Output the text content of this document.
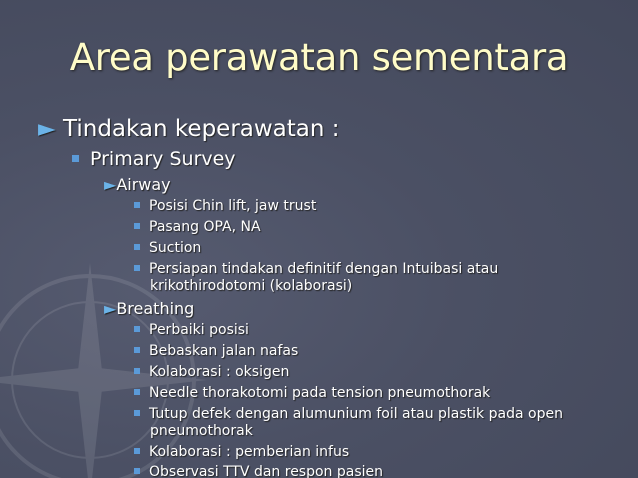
Area perawatan sementara
► Tindakan keperawatan :
Primary Survey
►Airway
Posisi Chin lift, jaw trust
Pasang OPA, NA
Suction
Persiapan tindakan definitif dengan Intuibasi atau
krikothirodotomi (kolaborasi)
►Breathing
Perbaiki posisi
Bebaskan jalan nafas
Kolaborasi : oksigen
Needle thorakotomi pada tension pneumothorak
Tutup defek dengan alumunium foil atau plastik pada open
pneumothorak
Kolaborasi : pemberian infus
Observasi TTV dan respon pasien
